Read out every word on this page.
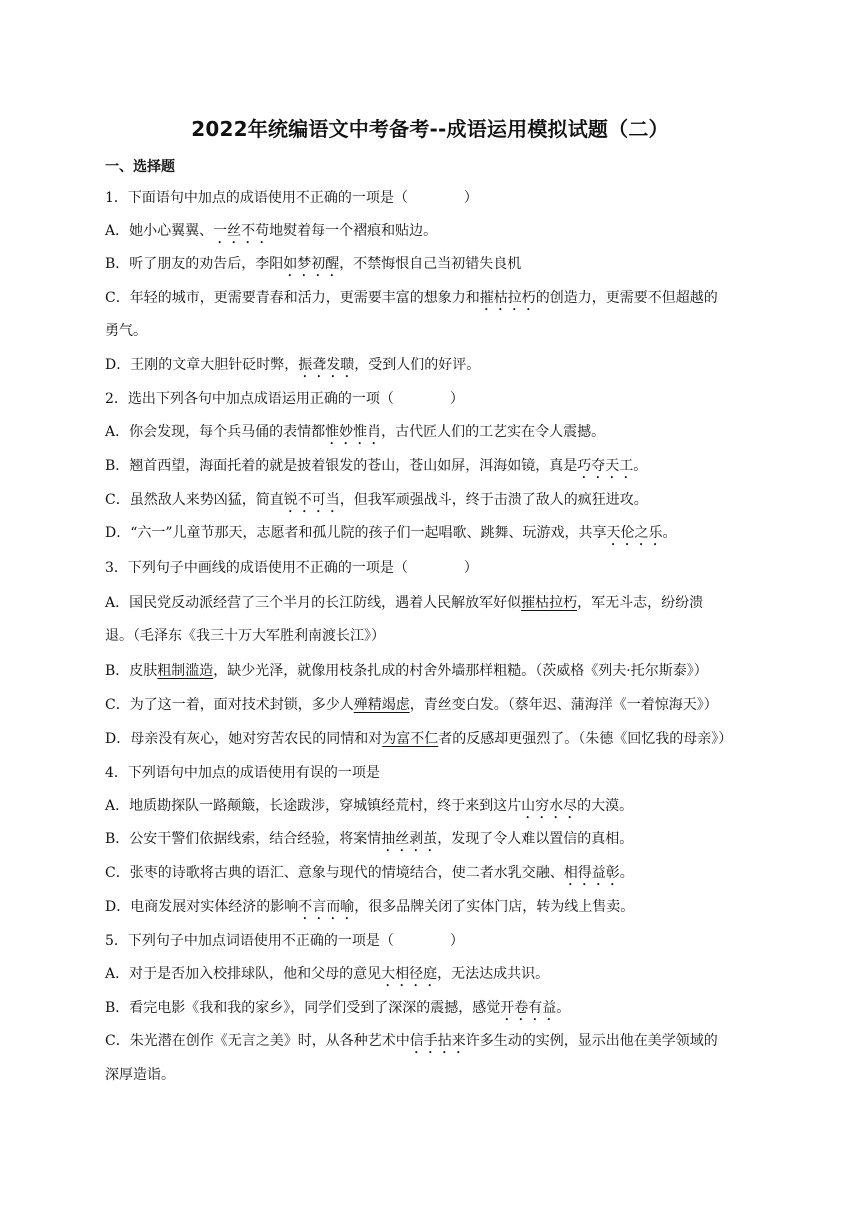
2022年统编语文中考备考--成语运用模拟试题（二）
一、选择题
1．下面语句中加点的成语使用不正确的一项是（	）
A．她小心翼翼、一丝不苟地熨着每一个褶痕和贴边。
B．听了朋友的劝告后，李阳如梦初醒，不禁悔恨自己当初错失良机
C．年轻的城市，更需要青春和活力，更需要丰富的想象力和摧枯拉朽的创造力，更需要不但超越的
勇气。
D．王刚的文章大胆针砭时弊，振聋发聩，受到人们的好评。
2．选出下列各句中加点成语运用正确的一项（	）
A．你会发现，每个兵马俑的表情都惟妙惟肖，古代匠人们的工艺实在令人震撼。
B．翘首西望，海面托着的就是披着银发的苍山，苍山如屏，洱海如镜，真是巧夺天工。
C．虽然敌人来势凶猛，简直锐不可当，但我军顽强战斗，终于击溃了敌人的疯狂进攻。
D．“六一”儿童节那天，志愿者和孤儿院的孩子们一起唱歌、跳舞、玩游戏，共享天伦之乐。
3．下列句子中画线的成语使用不正确的一项是（	）
A．国民党反动派经营了三个半月的长江防线，遇着人民解放军好似摧枯拉朽，军无斗志，纷纷溃
退。（毛泽东《我三十万大军胜利南渡长江》）
B．皮肤粗制滥造，缺少光泽，就像用枝条扎成的村舍外墙那样粗糙。（茨威格《列夫·托尔斯泰》）
C．为了这一着，面对技术封锁，多少人殚精竭虑，青丝变白发。（蔡年迟、蒲海洋《一着惊海天》）
D．母亲没有灰心，她对穷苦农民的同情和对为富不仁者的反感却更强烈了。（朱德《回忆我的母亲》）
4．下列语句中加点的成语使用有误的一项是
A．地质勘探队一路颠簸，长途跋涉，穿城镇经荒村，终于来到这片山穷水尽的大漠。
B．公安干警们依据线索，结合经验，将案情抽丝剥茧，发现了令人难以置信的真相。
C．张枣的诗歌将古典的语汇、意象与现代的情境结合，使二者水乳交融、相得益彰。
D．电商发展对实体经济的影响不言而喻，很多品牌关闭了实体门店，转为线上售卖。
5．下列句子中加点词语使用不正确的一项是（	）
A．对于是否加入校排球队，他和父母的意见大相径庭，无法达成共识。
B．看完电影《我和我的家乡》，同学们受到了深深的震撼，感觉开卷有益。
C．朱光潜在创作《无言之美》时，从各种艺术中信手拈来许多生动的实例，显示出他在美学领域的
深厚造诣。
